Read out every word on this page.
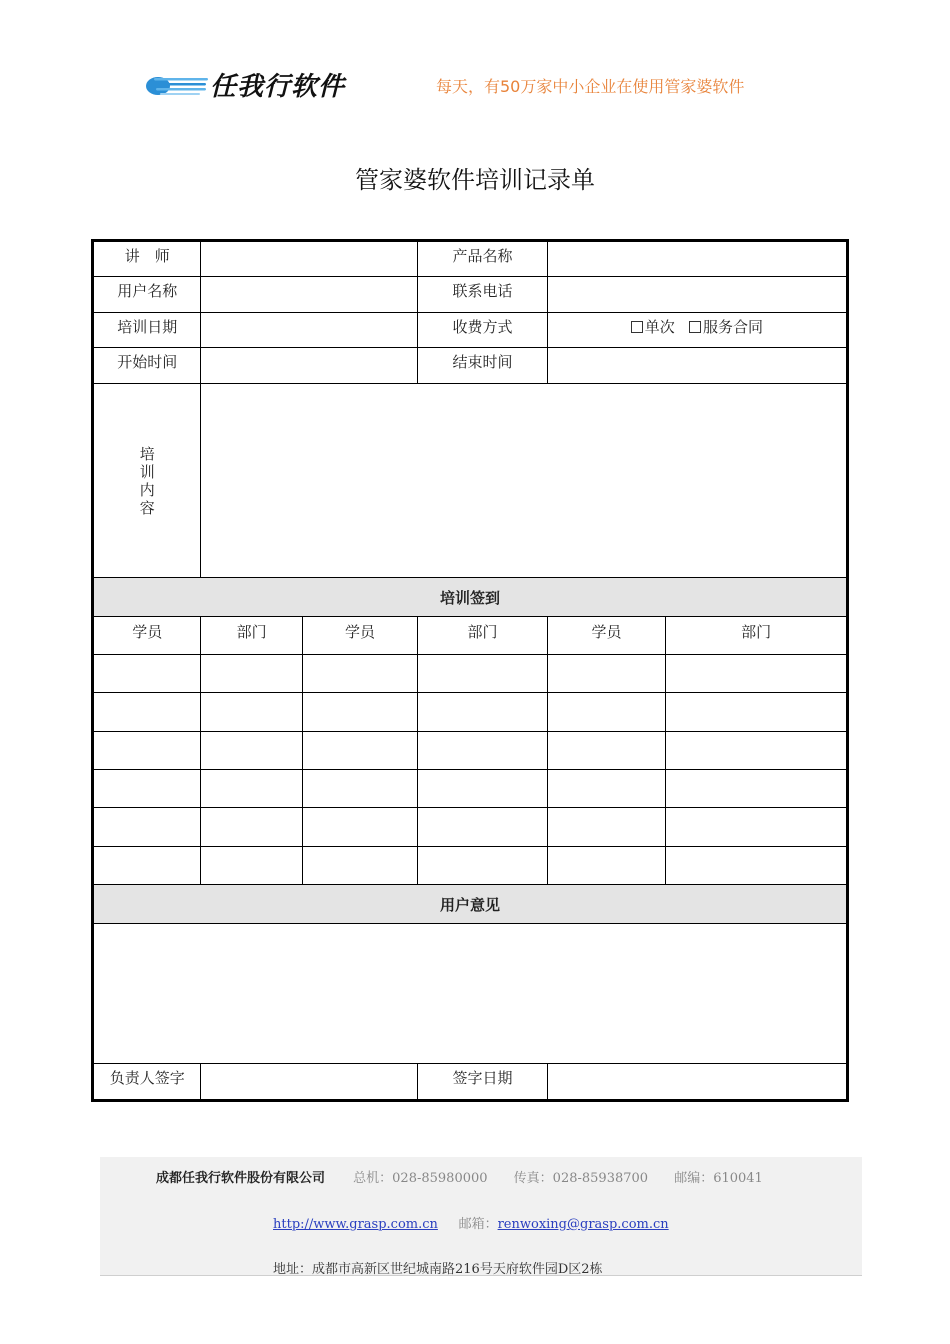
任我行软件	每天，有50万家中小企业在使用管家婆软件
管家婆软件培训记录单
讲　师			产品名称		
用户名称			联系电话		
培训日期			收费方式	单次 服务合同	
开始时间			结束时间		
培训内容					
培训签到					
学员	部门	学员	部门	学员	部门

用户意见					

负责人签字			签字日期		
成都任我行软件股份有限公司 总机：028-85980000 传真：028-85938700 邮编：610041
http://www.grasp.com.cn 邮箱：renwoxing@grasp.com.cn
地址：成都市高新区世纪城南路216号天府软件园D区2栋
